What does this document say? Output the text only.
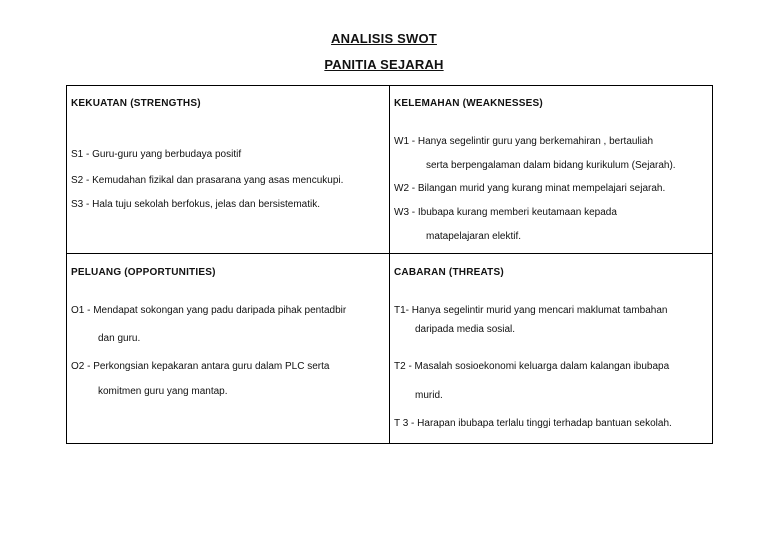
ANALISIS SWOT
PANITIA SEJARAH
KEKUATAN (STRENGTHS)
S1 - Guru-guru yang berbudaya positif
S2 - Kemudahan fizikal dan prasarana yang asas mencukupi.
S3 - Hala tuju sekolah berfokus, jelas dan bersistematik.
KELEMAHAN (WEAKNESSES)
W1 - Hanya segelintir guru yang berkemahiran , bertauliah
serta berpengalaman dalam bidang kurikulum (Sejarah).
W2 - Bilangan murid yang kurang minat mempelajari sejarah.
W3 - Ibubapa kurang memberi keutamaan kepada
matapelajaran elektif.
PELUANG (OPPORTUNITIES)
O1 - Mendapat sokongan yang padu daripada pihak pentadbir
dan guru.
O2 - Perkongsian kepakaran antara guru dalam PLC serta
komitmen guru yang mantap.
CABARAN (THREATS)
T1- Hanya segelintir murid yang mencari maklumat tambahan
daripada media sosial.
T2 - Masalah sosioekonomi keluarga dalam kalangan ibubapa
murid.
T 3 - Harapan ibubapa terlalu tinggi terhadap bantuan sekolah.
